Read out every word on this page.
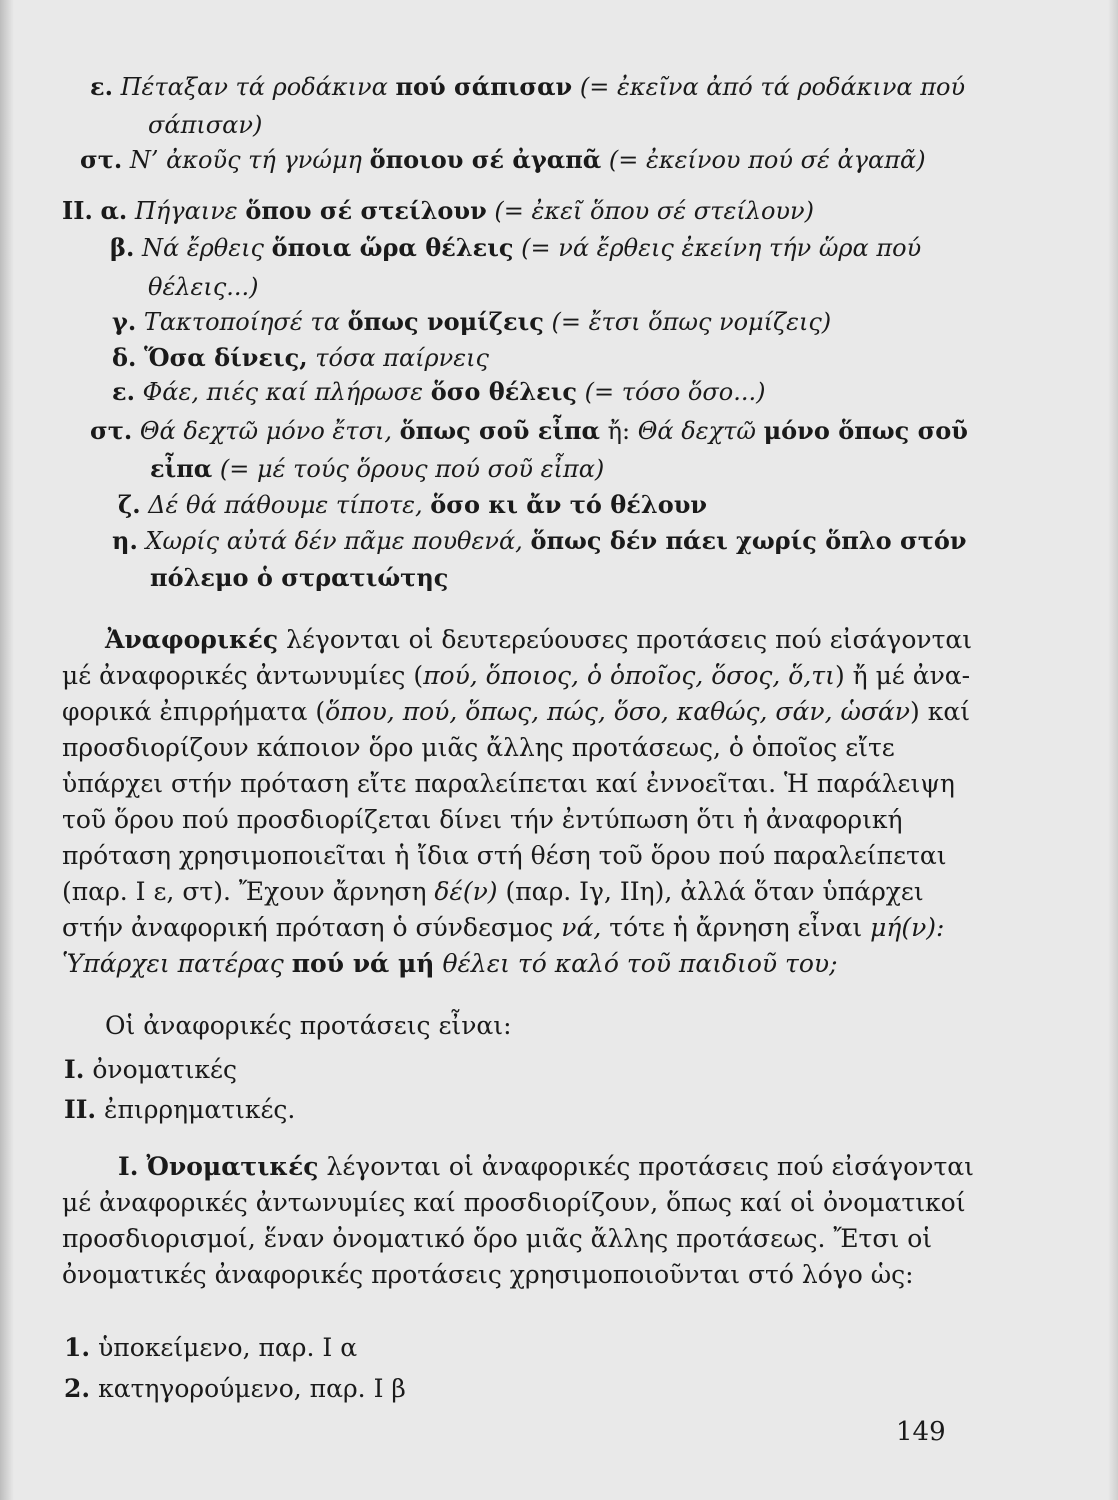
ε. Πέταξαν τά ροδάκινα πού σάπισαν (= ἐκεῖνα ἀπό τά ροδάκινα πού
σάπισαν)
στ. Ν’ ἀκοῦς τή γνώμη ὅποιου σέ ἀγαπᾶ (= ἐκείνου πού σέ ἀγαπᾶ)
II. α. Πήγαινε ὅπου σέ στείλουν (= ἐκεῖ ὅπου σέ στείλουν)
β. Νά ἔρθεις ὅποια ὥρα θέλεις (= νά ἔρθεις ἐκείνη τήν ὥρα πού
θέλεις...)
γ. Τακτοποίησέ τα ὅπως νομίζεις (= ἔτσι ὅπως νομίζεις)
δ. Ὅσα δίνεις, τόσα παίρνεις
ε. Φάε, πιές καί πλήρωσε ὅσο θέλεις (= τόσο ὅσο...)
στ. Θά δεχτῶ μόνο ἔτσι, ὅπως σοῦ εἶπα ἤ: Θά δεχτῶ μόνο ὅπως σοῦ
εἶπα (= μέ τούς ὅρους πού σοῦ εἶπα)
ζ. Δέ θά πάθουμε τίποτε, ὅσο κι ἄν τό θέλουν
η. Χωρίς αὐτά δέν πᾶμε πουθενά, ὅπως δέν πάει χωρίς ὅπλο στόν
πόλεμο ὁ στρατιώτης
Ἀναφορικές λέγονται οἱ δευτερεύουσες προτάσεις πού εἰσάγονται
μέ ἀναφορικές ἀντωνυμίες (πού, ὅποιος, ὁ ὁποῖος, ὅσος, ὅ,τι) ἤ μέ ἀνα-
φορικά ἐπιρρήματα (ὅπου, πού, ὅπως, πώς, ὅσο, καθώς, σάν, ὡσάν) καί
προσδιορίζουν κάποιον ὅρο μιᾶς ἄλλης προτάσεως, ὁ ὁποῖος εἴτε
ὑπάρχει στήν πρόταση εἴτε παραλείπεται καί ἐννοεῖται. Ἡ παράλειψη
τοῦ ὅρου πού προσδιορίζεται δίνει τήν ἐντύπωση ὅτι ἡ ἀναφορική
πρόταση χρησιμοποιεῖται ἡ ἴδια στή θέση τοῦ ὅρου πού παραλείπεται
(παρ. Ι ε, στ). Ἔχουν ἄρνηση δέ(ν) (παρ. Ιγ, ΙΙη), ἀλλά ὅταν ὑπάρχει
στήν ἀναφορική πρόταση ὁ σύνδεσμος νά, τότε ἡ ἄρνηση εἶναι μή(ν):
Ὑπάρχει πατέρας πού νά μή θέλει τό καλό τοῦ παιδιοῦ του;
Οἱ ἀναφορικές προτάσεις εἶναι:
I. ὀνοματικές
II. ἐπιρρηματικές.
I. Ὀνοματικές λέγονται οἱ ἀναφορικές προτάσεις πού εἰσάγονται
μέ ἀναφορικές ἀντωνυμίες καί προσδιορίζουν, ὅπως καί οἱ ὀνοματικοί
προσδιορισμοί, ἕναν ὀνοματικό ὅρο μιᾶς ἄλλης προτάσεως. Ἔτσι οἱ
ὀνοματικές ἀναφορικές προτάσεις χρησιμοποιοῦνται στό λόγο ὡς:
1. ὑποκείμενο, παρ. Ι α
2. κατηγορούμενο, παρ. Ι β
149
